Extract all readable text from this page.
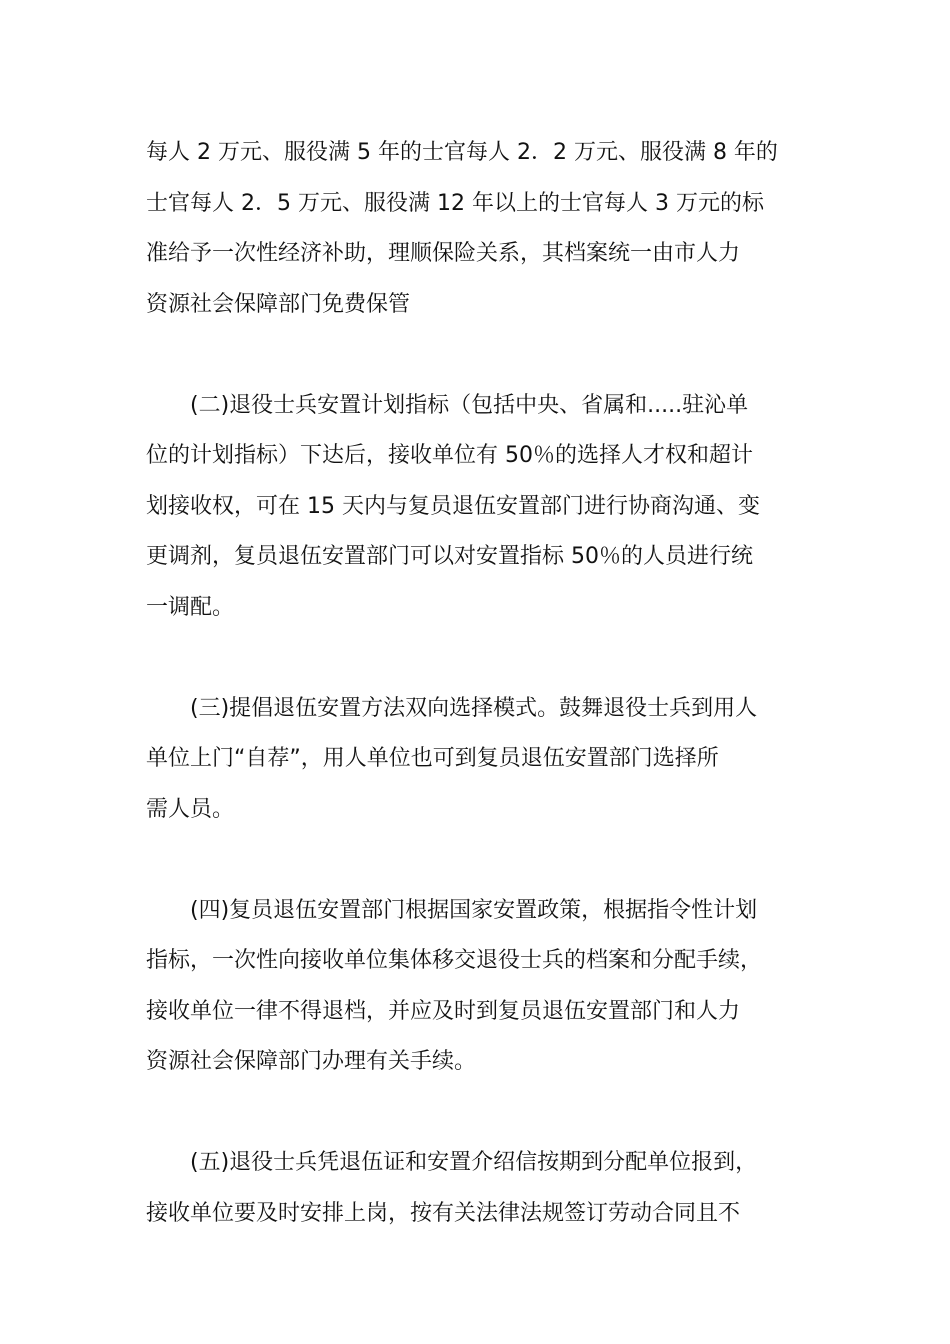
每人 2 万元、服役满 5 年的士官每人 2．2 万元、服役满 8 年的
士官每人 2．5 万元、服役满 12 年以上的士官每人 3 万元的标
准给予一次性经济补助，理顺保险关系，其档案统一由市人力
资源社会保障部门免费保管

　　(二)退役士兵安置计划指标（包括中央、省属和.....驻沁单
位的计划指标）下达后，接收单位有 50％的选择人才权和超计
划接收权，可在 15 天内与复员退伍安置部门进行协商沟通、变
更调剂，复员退伍安置部门可以对安置指标 50％的人员进行统
一调配。

　　(三)提倡退伍安置方法双向选择模式。鼓舞退役士兵到用人
单位上门“自荐”，用人单位也可到复员退伍安置部门选择所
需人员。

　　(四)复员退伍安置部门根据国家安置政策，根据指令性计划
指标，一次性向接收单位集体移交退役士兵的档案和分配手续，
接收单位一律不得退档，并应及时到复员退伍安置部门和人力
资源社会保障部门办理有关手续。

　　(五)退役士兵凭退伍证和安置介绍信按期到分配单位报到，
接收单位要及时安排上岗，按有关法律法规签订劳动合同且不
